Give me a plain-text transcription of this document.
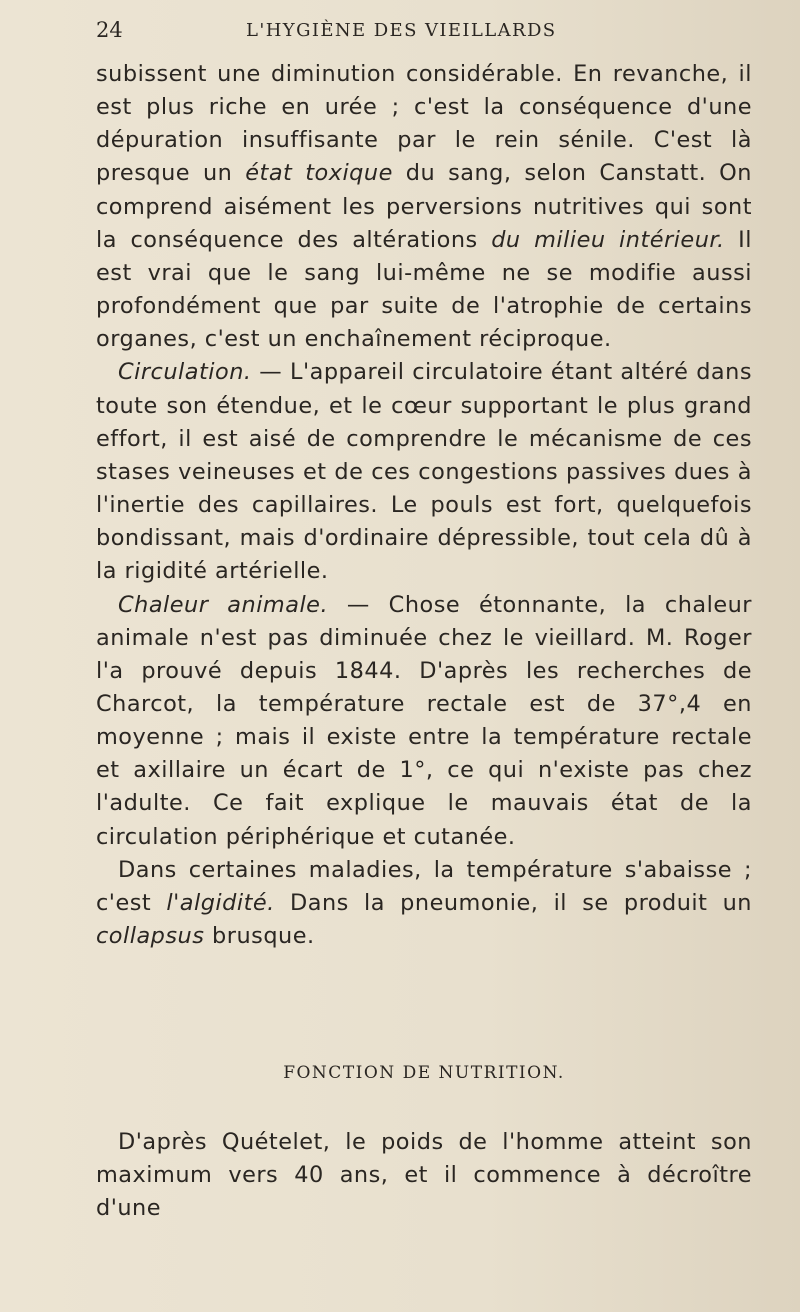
24	L'HYGIÈNE DES VIEILLARDS

subissent une diminution considérable. En revanche, il est plus riche en urée ; c'est la conséquence d'une dépuration insuffisante par le rein sénile. C'est là presque un état toxique du sang, selon Canstatt. On comprend aisément les perversions nutritives qui sont la conséquence des altérations du milieu intérieur. Il est vrai que le sang lui-même ne se modifie aussi profondément que par suite de l'atrophie de certains organes, c'est un enchaînement réciproque.

Circulation. — L'appareil circulatoire étant altéré dans toute son étendue, et le cœur supportant le plus grand effort, il est aisé de comprendre le mécanisme de ces stases veineuses et de ces congestions passives dues à l'inertie des capillaires. Le pouls est fort, quelquefois bondissant, mais d'ordinaire dépressible, tout cela dû à la rigidité artérielle.

Chaleur animale. — Chose étonnante, la chaleur animale n'est pas diminuée chez le vieillard. M. Roger l'a prouvé depuis 1844. D'après les recherches de Charcot, la température rectale est de 37°,4 en moyenne ; mais il existe entre la température rectale et axillaire un écart de 1°, ce qui n'existe pas chez l'adulte. Ce fait explique le mauvais état de la circulation périphérique et cutanée.

Dans certaines maladies, la température s'abaisse ; c'est l'algidité. Dans la pneumonie, il se produit un collapsus brusque.

FONCTION DE NUTRITION.

D'après Quételet, le poids de l'homme atteint son maximum vers 40 ans, et il commence à décroître d'une
